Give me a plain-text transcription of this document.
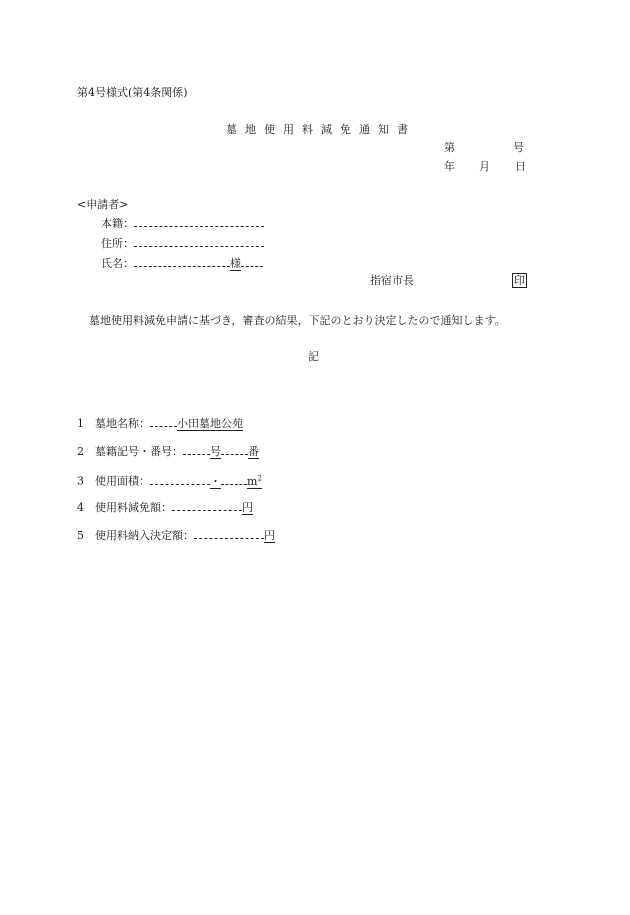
第4号様式(第4条関係)
墓地使用料減免通知書
第	号
年 月 日
<申請者>
本籍：
住所：
氏名：	様
指宿市長	印
墓地使用料減免申請に基づき，審査の結果，下記のとおり決定したので通知します。
記
1 墓地名称： 小田墓地公苑
2 墓籍記号・番号： 号 番
3 使用面積：	・ $m^2$
4 使用料減免額：	円
5 使用料納入決定額：	円
